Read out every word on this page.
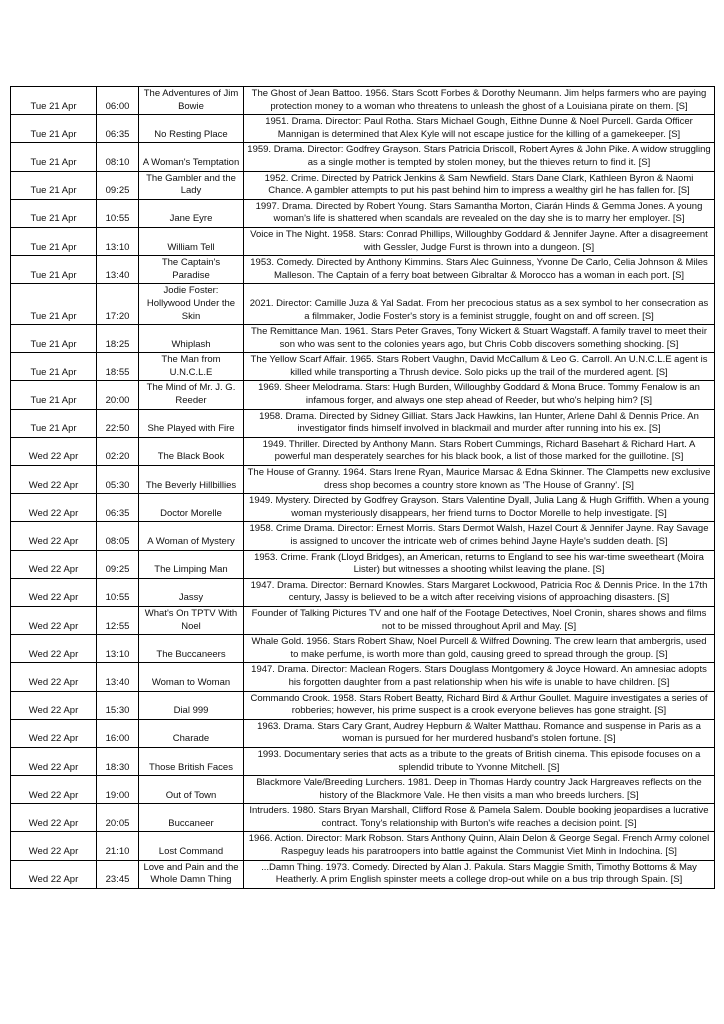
Tue 21 Apr	06:00	The Adventures of Jim Bowie	The Ghost of Jean Battoo. 1956. Stars Scott Forbes & Dorothy Neumann. Jim helps farmers who are paying protection money to a woman who threatens to unleash the ghost of a Louisiana pirate on them. [S]
Tue 21 Apr	06:35	No Resting Place	1951. Drama. Director: Paul Rotha. Stars Michael Gough, Eithne Dunne & Noel Purcell. Garda Officer Mannigan is determined that Alex Kyle will not escape justice for the killing of a gamekeeper. [S]
Tue 21 Apr	08:10	A Woman's Temptation	1959. Drama. Director: Godfrey Grayson. Stars Patricia Driscoll, Robert Ayres & John Pike. A widow struggling as a single mother is tempted by stolen money, but the thieves return to find it. [S]
Tue 21 Apr	09:25	The Gambler and the Lady	1952. Crime. Directed by Patrick Jenkins & Sam Newfield. Stars Dane Clark, Kathleen Byron & Naomi Chance. A gambler attempts to put his past behind him to impress a wealthy girl he has fallen for. [S]
Tue 21 Apr	10:55	Jane Eyre	1997. Drama. Directed by Robert Young. Stars Samantha Morton, Ciarán Hinds & Gemma Jones. A young woman's life is shattered when scandals are revealed on the day she is to marry her employer. [S]
Tue 21 Apr	13:10	William Tell	Voice in The Night. 1958. Stars: Conrad Phillips, Willoughby Goddard & Jennifer Jayne. After a disagreement with Gessler, Judge Furst is thrown into a dungeon. [S]
Tue 21 Apr	13:40	The Captain's Paradise	1953. Comedy. Directed by Anthony Kimmins. Stars Alec Guinness, Yvonne De Carlo, Celia Johnson & Miles Malleson. The Captain of a ferry boat between Gibraltar & Morocco has a woman in each port. [S]
Tue 21 Apr	17:20	Jodie Foster: Hollywood Under the Skin	2021. Director: Camille Juza & Yal Sadat. From her precocious status as a sex symbol to her consecration as a filmmaker, Jodie Foster's story is a feminist struggle, fought on and off screen. [S]
Tue 21 Apr	18:25	Whiplash	The Remittance Man. 1961. Stars Peter Graves, Tony Wickert & Stuart Wagstaff. A family travel to meet their son who was sent to the colonies years ago, but Chris Cobb discovers something shocking. [S]
Tue 21 Apr	18:55	The Man from U.N.C.L.E	The Yellow Scarf Affair. 1965. Stars Robert Vaughn, David McCallum & Leo G. Carroll. An U.N.C.L.E agent is killed while transporting a Thrush device. Solo picks up the trail of the murdered agent. [S]
Tue 21 Apr	20:00	The Mind of Mr. J. G. Reeder	1969. Sheer Melodrama. Stars: Hugh Burden, Willoughby Goddard & Mona Bruce. Tommy Fenalow is an infamous forger, and always one step ahead of Reeder, but who's helping him? [S]
Tue 21 Apr	22:50	She Played with Fire	1958. Drama. Directed by Sidney Gilliat. Stars Jack Hawkins, Ian Hunter, Arlene Dahl & Dennis Price. An investigator finds himself involved in blackmail and murder after running into his ex. [S]
Wed 22 Apr	02:20	The Black Book	1949. Thriller. Directed by Anthony Mann. Stars Robert Cummings, Richard Basehart & Richard Hart. A powerful man desperately searches for his black book, a list of those marked for the guillotine. [S]
Wed 22 Apr	05:30	The Beverly Hillbillies	The House of Granny. 1964. Stars Irene Ryan, Maurice Marsac & Edna Skinner. The Clampetts new exclusive dress shop becomes a country store known as 'The House of Granny'. [S]
Wed 22 Apr	06:35	Doctor Morelle	1949. Mystery. Directed by Godfrey Grayson. Stars Valentine Dyall, Julia Lang & Hugh Griffith. When a young woman mysteriously disappears, her friend turns to Doctor Morelle to help investigate. [S]
Wed 22 Apr	08:05	A Woman of Mystery	1958. Crime Drama. Director: Ernest Morris. Stars Dermot Walsh, Hazel Court & Jennifer Jayne. Ray Savage is assigned to uncover the intricate web of crimes behind Jayne Hayle's sudden death. [S]
Wed 22 Apr	09:25	The Limping Man	1953. Crime. Frank (Lloyd Bridges), an American, returns to England to see his war-time sweetheart (Moira Lister) but witnesses a shooting whilst leaving the plane. [S]
Wed 22 Apr	10:55	Jassy	1947. Drama. Director: Bernard Knowles. Stars Margaret Lockwood, Patricia Roc & Dennis Price. In the 17th century, Jassy is believed to be a witch after receiving visions of approaching disasters. [S]
Wed 22 Apr	12:55	What's On TPTV With Noel	Founder of Talking Pictures TV and one half of the Footage Detectives, Noel Cronin, shares shows and films not to be missed throughout April and May. [S]
Wed 22 Apr	13:10	The Buccaneers	Whale Gold. 1956. Stars Robert Shaw, Noel Purcell & Wilfred Downing. The crew learn that ambergris, used to make perfume, is worth more than gold, causing greed to spread through the group. [S]
Wed 22 Apr	13:40	Woman to Woman	1947. Drama. Director: Maclean Rogers. Stars Douglass Montgomery & Joyce Howard. An amnesiac adopts his forgotten daughter from a past relationship when his wife is unable to have children. [S]
Wed 22 Apr	15:30	Dial 999	Commando Crook. 1958. Stars Robert Beatty, Richard Bird & Arthur Goullet. Maguire investigates a series of robberies; however, his prime suspect is a crook everyone believes has gone straight. [S]
Wed 22 Apr	16:00	Charade	1963. Drama. Stars Cary Grant, Audrey Hepburn & Walter Matthau. Romance and suspense in Paris as a woman is pursued for her murdered husband's stolen fortune. [S]
Wed 22 Apr	18:30	Those British Faces	1993. Documentary series that acts as a tribute to the greats of British cinema. This episode focuses on a splendid tribute to Yvonne Mitchell. [S]
Wed 22 Apr	19:00	Out of Town	Blackmore Vale/Breeding Lurchers. 1981. Deep in Thomas Hardy country Jack Hargreaves reflects on the history of the Blackmore Vale. He then visits a man who breeds lurchers. [S]
Wed 22 Apr	20:05	Buccaneer	Intruders. 1980. Stars Bryan Marshall, Clifford Rose & Pamela Salem. Double booking jeopardises a lucrative contract. Tony's relationship with Burton's wife reaches a decision point. [S]
Wed 22 Apr	21:10	Lost Command	1966. Action. Director: Mark Robson. Stars Anthony Quinn, Alain Delon & George Segal. French Army colonel Raspeguy leads his paratroopers into battle against the Communist Viet Minh in Indochina. [S]
Wed 22 Apr	23:45	Love and Pain and the Whole Damn Thing	...Damn Thing. 1973. Comedy. Directed by Alan J. Pakula. Stars Maggie Smith, Timothy Bottoms & May Heatherly. A prim English spinster meets a college drop-out while on a bus trip through Spain. [S]
